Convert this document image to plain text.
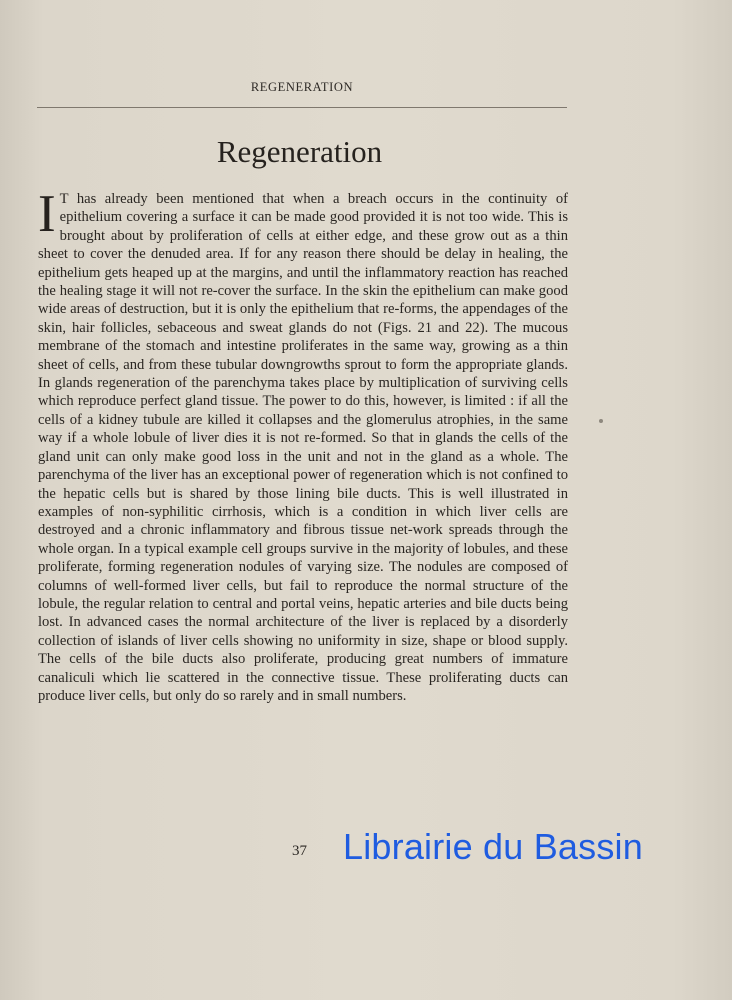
REGENERATION
Regeneration

I T has already been mentioned that when a breach occurs in the continuity of epithelium covering a surface it can be made good provided it is not too wide. This is brought about by proliferation of cells at either edge, and these grow out as a thin sheet to cover the denuded area. If for any reason there should be delay in healing, the epithelium gets heaped up at the margins, and until the inflammatory reaction has reached the healing stage it will not re-cover the surface. In the skin the epithelium can make good wide areas of destruction, but it is only the epithelium that re-forms, the appendages of the skin, hair follicles, sebaceous and sweat glands do not (Figs. 21 and 22). The mucous membrane of the stomach and intestine proliferates in the same way, growing as a thin sheet of cells, and from these tubular downgrowths sprout to form the appropriate glands. In glands regeneration of the parenchyma takes place by multiplication of surviving cells which reproduce perfect gland tissue. The power to do this, however, is limited : if all the cells of a kidney tubule are killed it collapses and the glomerulus atrophies, in the same way if a whole lobule of liver dies it is not re-formed. So that in glands the cells of the gland unit can only make good loss in the unit and not in the gland as a whole. The parenchyma of the liver has an exceptional power of regeneration which is not confined to the hepatic cells but is shared by those lining bile ducts. This is well illustrated in examples of non-syphilitic cirrhosis, which is a condition in which liver cells are destroyed and a chronic inflammatory and fibrous tissue net-work spreads through the whole organ. In a typical example cell groups survive in the majority of lobules, and these proliferate, forming regeneration nodules of varying size. The nodules are composed of columns of well-formed liver cells, but fail to reproduce the normal structure of the lobule, the regular relation to central and portal veins, hepatic arteries and bile ducts being lost. In advanced cases the normal architecture of the liver is replaced by a disorderly collection of islands of liver cells showing no uniformity in size, shape or blood supply. The cells of the bile ducts also proliferate, producing great numbers of immature canaliculi which lie scattered in the connective tissue. These proliferating ducts can produce liver cells, but only do so rarely and in small numbers.

37 Librairie du Bassin
